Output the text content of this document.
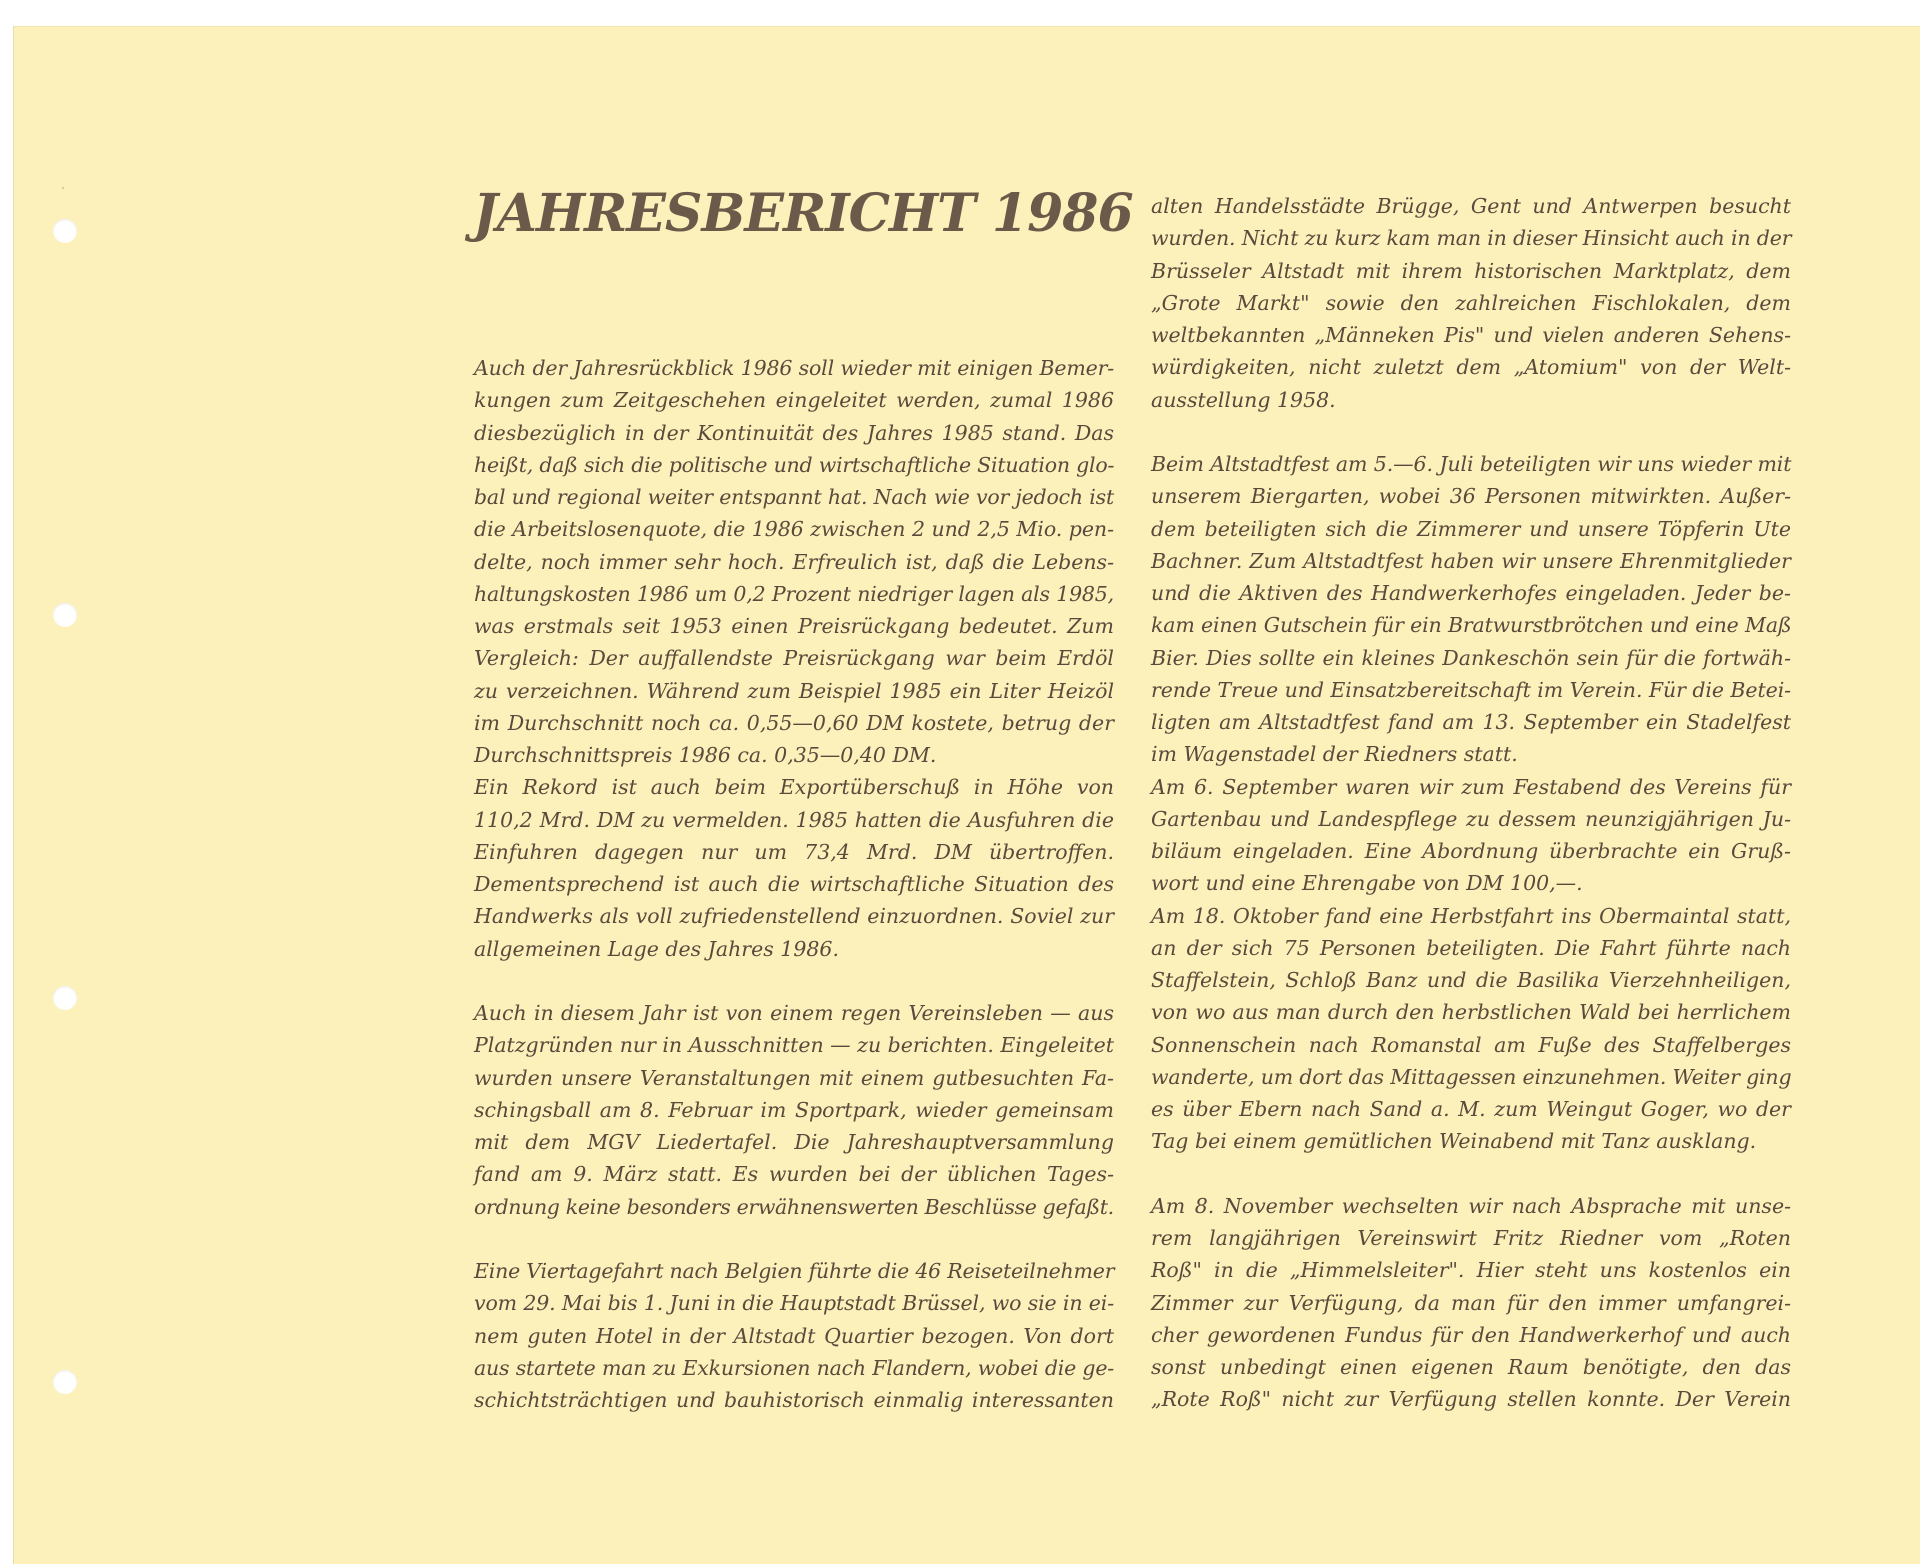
JAHRESBERICHT 1986
Auch der Jahresrückblick 1986 soll wieder mit einigen Bemer-
kungen zum Zeitgeschehen eingeleitet werden, zumal 1986
diesbezüglich in der Kontinuität des Jahres 1985 stand. Das
heißt, daß sich die politische und wirtschaftliche Situation glo-
bal und regional weiter entspannt hat. Nach wie vor jedoch ist
die Arbeitslosenquote, die 1986 zwischen 2 und 2,5 Mio. pen-
delte, noch immer sehr hoch. Erfreulich ist, daß die Lebens-
haltungskosten 1986 um 0,2 Prozent niedriger lagen als 1985,
was erstmals seit 1953 einen Preisrückgang bedeutet. Zum
Vergleich: Der auffallendste Preisrückgang war beim Erdöl
zu verzeichnen. Während zum Beispiel 1985 ein Liter Heizöl
im Durchschnitt noch ca. 0,55—0,60 DM kostete, betrug der
Durchschnittspreis 1986 ca. 0,35—0,40 DM.
Ein Rekord ist auch beim Exportüberschuß in Höhe von
110,2 Mrd. DM zu vermelden. 1985 hatten die Ausfuhren die
Einfuhren dagegen nur um 73,4 Mrd. DM übertroffen.
Dementsprechend ist auch die wirtschaftliche Situation des
Handwerks als voll zufriedenstellend einzuordnen. Soviel zur
allgemeinen Lage des Jahres 1986.
Auch in diesem Jahr ist von einem regen Vereinsleben — aus
Platzgründen nur in Ausschnitten — zu berichten. Eingeleitet
wurden unsere Veranstaltungen mit einem gutbesuchten Fa-
schingsball am 8. Februar im Sportpark, wieder gemeinsam
mit dem MGV Liedertafel. Die Jahreshauptversammlung
fand am 9. März statt. Es wurden bei der üblichen Tages-
ordnung keine besonders erwähnenswerten Beschlüsse gefaßt.
Eine Viertagefahrt nach Belgien führte die 46 Reiseteilnehmer
vom 29. Mai bis 1. Juni in die Hauptstadt Brüssel, wo sie in ei-
nem guten Hotel in der Altstadt Quartier bezogen. Von dort
aus startete man zu Exkursionen nach Flandern, wobei die ge-
schichtsträchtigen und bauhistorisch einmalig interessanten
alten Handelsstädte Brügge, Gent und Antwerpen besucht
wurden. Nicht zu kurz kam man in dieser Hinsicht auch in der
Brüsseler Altstadt mit ihrem historischen Marktplatz, dem
„Grote Markt" sowie den zahlreichen Fischlokalen, dem
weltbekannten „Männeken Pis" und vielen anderen Sehens-
würdigkeiten, nicht zuletzt dem „Atomium" von der Welt-
ausstellung 1958.
Beim Altstadtfest am 5.—6. Juli beteiligten wir uns wieder mit
unserem Biergarten, wobei 36 Personen mitwirkten. Außer-
dem beteiligten sich die Zimmerer und unsere Töpferin Ute
Bachner. Zum Altstadtfest haben wir unsere Ehrenmitglieder
und die Aktiven des Handwerkerhofes eingeladen. Jeder be-
kam einen Gutschein für ein Bratwurstbrötchen und eine Maß
Bier. Dies sollte ein kleines Dankeschön sein für die fortwäh-
rende Treue und Einsatzbereitschaft im Verein. Für die Betei-
ligten am Altstadtfest fand am 13. September ein Stadelfest
im Wagenstadel der Riedners statt.
Am 6. September waren wir zum Festabend des Vereins für
Gartenbau und Landespflege zu dessem neunzigjährigen Ju-
biläum eingeladen. Eine Abordnung überbrachte ein Gruß-
wort und eine Ehrengabe von DM 100,—.
Am 18. Oktober fand eine Herbstfahrt ins Obermaintal statt,
an der sich 75 Personen beteiligten. Die Fahrt führte nach
Staffelstein, Schloß Banz und die Basilika Vierzehnheiligen,
von wo aus man durch den herbstlichen Wald bei herrlichem
Sonnenschein nach Romanstal am Fuße des Staffelberges
wanderte, um dort das Mittagessen einzunehmen. Weiter ging
es über Ebern nach Sand a. M. zum Weingut Goger, wo der
Tag bei einem gemütlichen Weinabend mit Tanz ausklang.
Am 8. November wechselten wir nach Absprache mit unse-
rem langjährigen Vereinswirt Fritz Riedner vom „Roten
Roß" in die „Himmelsleiter". Hier steht uns kostenlos ein
Zimmer zur Verfügung, da man für den immer umfangrei-
cher gewordenen Fundus für den Handwerkerhof und auch
sonst unbedingt einen eigenen Raum benötigte, den das
„Rote Roß" nicht zur Verfügung stellen konnte. Der Verein
